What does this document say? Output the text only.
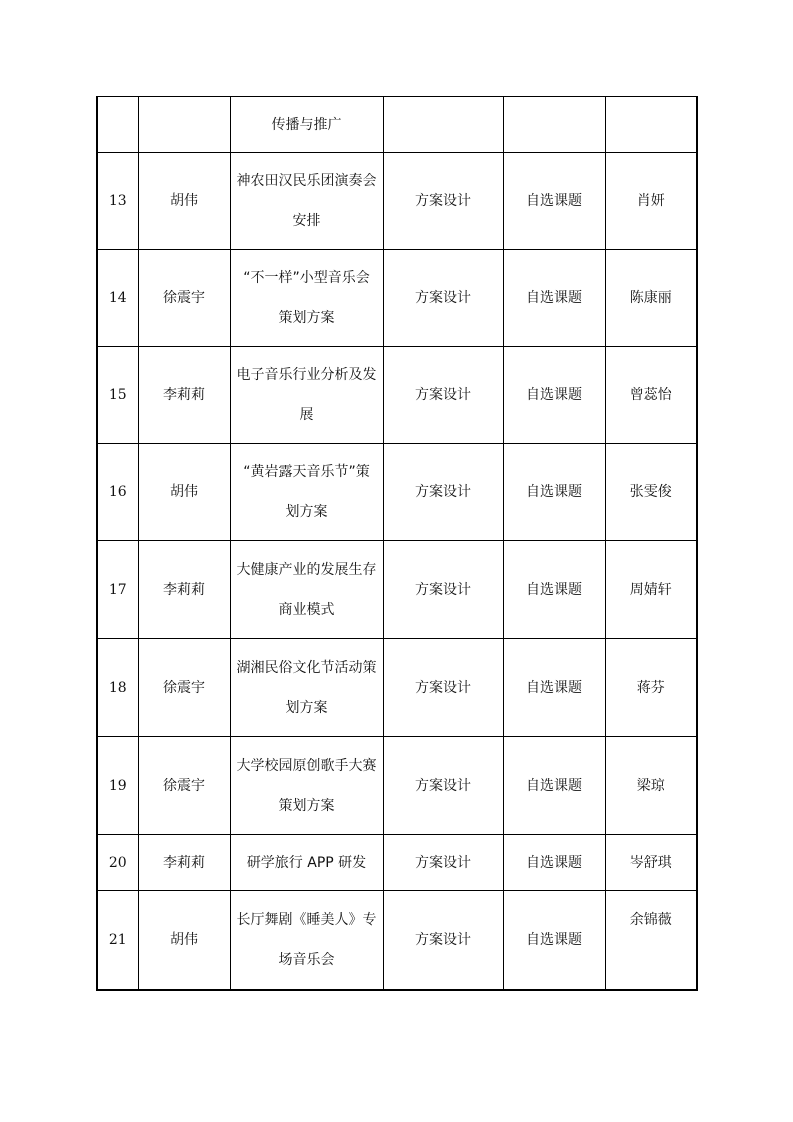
		传播与推广			
13	胡伟	神农田汉民乐团演奏会安排	方案设计	自选课题	肖妍
14	徐震宇	“不一样”小型音乐会策划方案	方案设计	自选课题	陈康丽
15	李莉莉	电子音乐行业分析及发展	方案设计	自选课题	曾蕊怡
16	胡伟	“黄岩露天音乐节”策划方案	方案设计	自选课题	张雯俊
17	李莉莉	大健康产业的发展生存商业模式	方案设计	自选课题	周婧轩
18	徐震宇	湖湘民俗文化节活动策划方案	方案设计	自选课题	蒋芬
19	徐震宇	大学校园原创歌手大赛策划方案	方案设计	自选课题	梁琼
20	李莉莉	研学旅行 APP 研发	方案设计	自选课题	岑舒琪
21	胡伟	长厅舞剧《睡美人》专场音乐会	方案设计	自选课题	余锦薇
